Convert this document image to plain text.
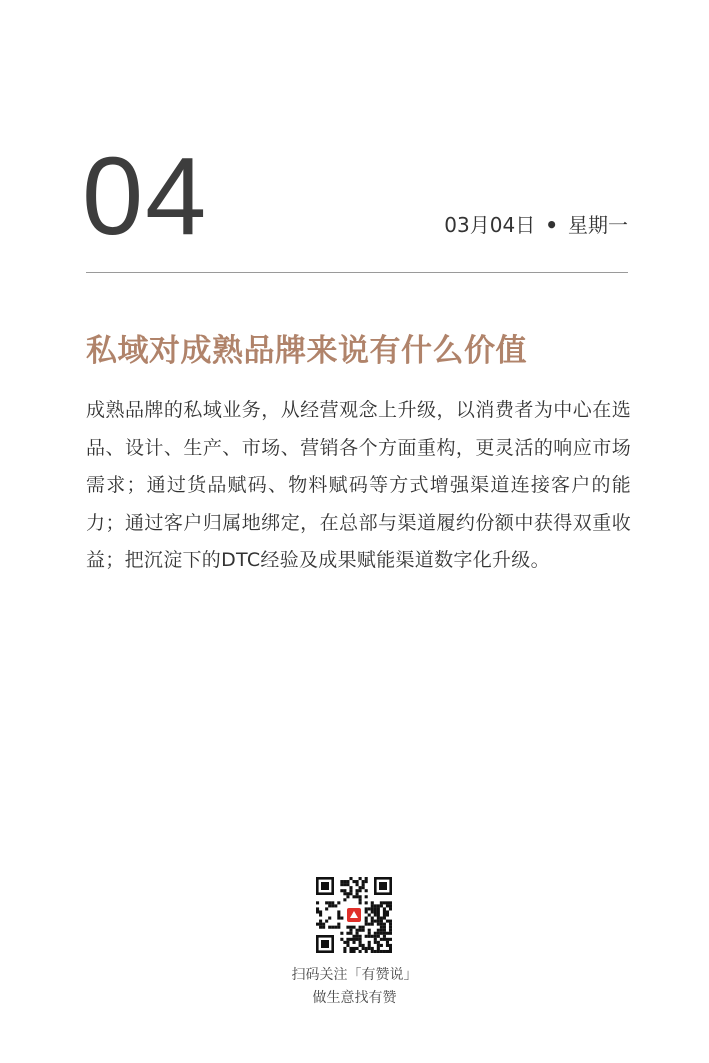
04	03月04日 • 星期一
私域对成熟品牌来说有什么价值
成熟品牌的私域业务，从经营观念上升级，以消费者为中心在选品、设计、生产、市场、营销各个方面重构，更灵活的响应市场需求；通过货品赋码、物料赋码等方式增强渠道连接客户的能力；通过客户归属地绑定，在总部与渠道履约份额中获得双重收益；把沉淀下的DTC经验及成果赋能渠道数字化升级。
扫码关注「有赞说」
做生意找有赞
